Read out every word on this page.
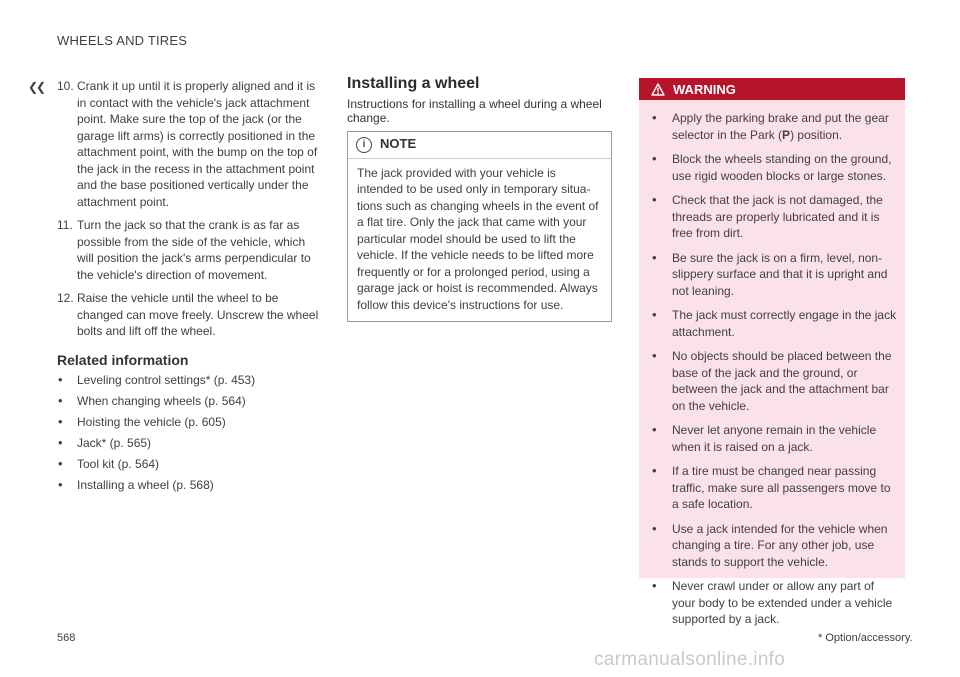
WHEELS AND TIRES
❮❮ 10. Crank it up until it is properly aligned and it is in contact with the vehicle's jack attachment point. Make sure the top of the jack (or the garage lift arms) is correctly positioned in the attachment point, with the bump on the top of the jack in the recess in the attachment point and the base positioned vertically under the attachment point.
11. Turn the jack so that the crank is as far as possible from the side of the vehicle, which will position the jack's arms perpendicular to the vehicle's direction of movement.
12. Raise the vehicle until the wheel to be changed can move freely. Unscrew the wheel bolts and lift off the wheel.
Related information
• Leveling control settings* (p. 453)
• When changing wheels (p. 564)
• Hoisting the vehicle (p. 605)
• Jack* (p. 565)
• Tool kit (p. 564)
• Installing a wheel (p. 568)
Installing a wheel
Instructions for installing a wheel during a wheel change.
i	NOTE
The jack provided with your vehicle is intended to be used only in temporary situa-tions such as changing wheels in the event of a flat tire. Only the jack that came with your particular model should be used to lift the vehicle. If the vehicle needs to be lifted more frequently or for a prolonged period, using a garage jack or hoist is recommended. Always follow this device's instructions for use.
WARNING
• Apply the parking brake and put the gear selector in the Park (P) position.
• Block the wheels standing on the ground, use rigid wooden blocks or large stones.
• Check that the jack is not damaged, the threads are properly lubricated and it is free from dirt.
• Be sure the jack is on a firm, level, non-slippery surface and that it is upright and not leaning.
• The jack must correctly engage in the jack attachment.
• No objects should be placed between the base of the jack and the ground, or between the jack and the attachment bar on the vehicle.
• Never let anyone remain in the vehicle when it is raised on a jack.
• If a tire must be changed near passing traffic, make sure all passengers move to a safe location.
• Use a jack intended for the vehicle when changing a tire. For any other job, use stands to support the vehicle.
• Never crawl under or allow any part of your body to be extended under a vehicle supported by a jack.
568	* Option/accessory.
carmanualsonline.info
